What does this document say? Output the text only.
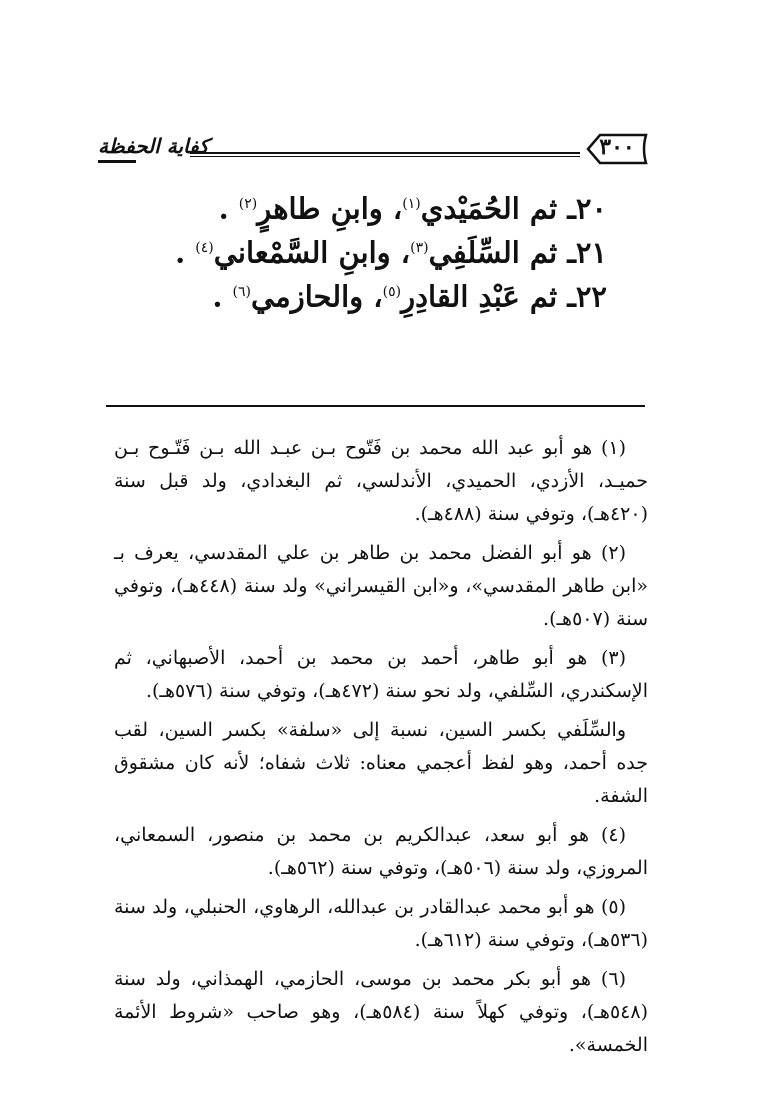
٣٠٠
كفاية الحفظة
٢٠ـ ثم الحُمَيْدي$^{(١)}$، وابنِ طاهرٍ$^{(٢)}$ .
٢١ـ ثم السِّلَفِي$^{(٣)}$، وابنِ السَّمْعاني$^{(٤)}$ .
٢٢ـ ثم عَبْدِ القادِرِ$^{(٥)}$، والحازمي$^{(٦)}$ .

(١) هو أبو عبد الله محمد بن فَتّوح بـن عبـد الله بـن فَتّـوح بـن حميـد، الأزدي، الحميدي، الأندلسي، ثم البغدادي، ولد قبل سنة (٤٢٠هـ)، وتوفي سنة (٤٨٨هـ).

(٢) هو أبو الفضل محمد بن طاهر بن علي المقدسي، يعرف بـ «ابن طاهر المقدسي»، و«ابن القيسراني» ولد سنة (٤٤٨هـ)، وتوفي سنة (٥٠٧هـ).

(٣) هو أبو طاهر، أحمد بن محمد بن أحمد، الأصبهاني، ثم الإسكندري، السِّلفي، ولد نحو سنة (٤٧٢هـ)، وتوفي سنة (٥٧٦هـ).

والسِّلَفي بكسر السين، نسبة إلى «سلفة» بكسر السين، لقب جده أحمد، وهو لفظ أعجمي معناه: ثلاث شفاه؛ لأنه كان مشقوق الشفة.

(٤) هو أبو سعد، عبدالكريم بن محمد بن منصور، السمعاني، المروزي، ولد سنة (٥٠٦هـ)، وتوفي سنة (٥٦٢هـ).

(٥) هو أبو محمد عبدالقادر بن عبدالله، الرهاوي، الحنبلي، ولد سنة (٥٣٦هـ)، وتوفي سنة (٦١٢هـ).

(٦) هو أبو بكر محمد بن موسى، الحازمي، الهمذاني، ولد سنة (٥٤٨هـ)، وتوفي كهلاً سنة (٥٨٤هـ)، وهو صاحب «شروط الأئمة الخمسة».
